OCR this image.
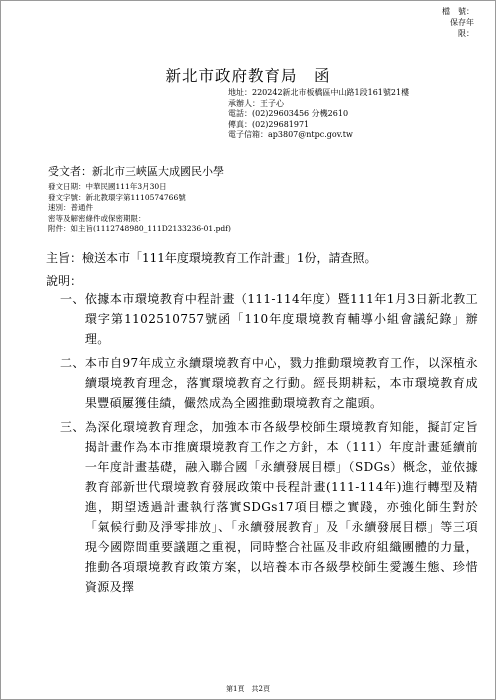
檔　號：
保存年限：
新北市政府教育局　函
地址：220242新北市板橋區中山路1段161號21樓
承辦人：王子心
電話：(02)29603456 分機2610
傳真：(02)29681971
電子信箱：ap3807@ntpc.gov.tw
受文者：新北市三峽區大成國民小學
發文日期：中華民國111年3月30日
發文字號：新北教環字第1110574766號
速別：普通件
密等及解密條件或保密期限：
附件：如主旨(1112748980_111D2133236-01.pdf)
主旨：檢送本市「111年度環境教育工作計畫」1份，請查照。
說明：
一、 依據本市環境教育中程計畫（111-114年度）暨111年1月3日新北教工環字第1102510757號函「110年度環境教育輔導小組會議紀錄」辦理。
二、 本市自97年成立永續環境教育中心，戮力推動環境教育工作，以深植永續環境教育理念，落實環境教育之行動。經長期耕耘，本市環境教育成果豐碩屢獲佳績，儼然成為全國推動環境教育之龍頭。
三、 為深化環境教育理念，加強本市各級學校師生環境教育知能，擬訂定旨揭計畫作為本市推廣環境教育工作之方針，本（111）年度計畫延續前一年度計畫基礎，融入聯合國「永續發展目標」（SDGs）概念，並依據教育部新世代環境教育發展政策中長程計畫(111-114年)進行轉型及精進，期望透過計畫執行落實SDGs17項目標之實踐，亦強化師生對於「氣候行動及淨零排放」、「永續發展教育」及「永續發展目標」等三項現今國際間重要議題之重視，同時整合社區及非政府組織團體的力量，推動各項環境教育政策方案，以培養本市各級學校師生愛護生態、珍惜資源及擇
第1頁　共2頁
